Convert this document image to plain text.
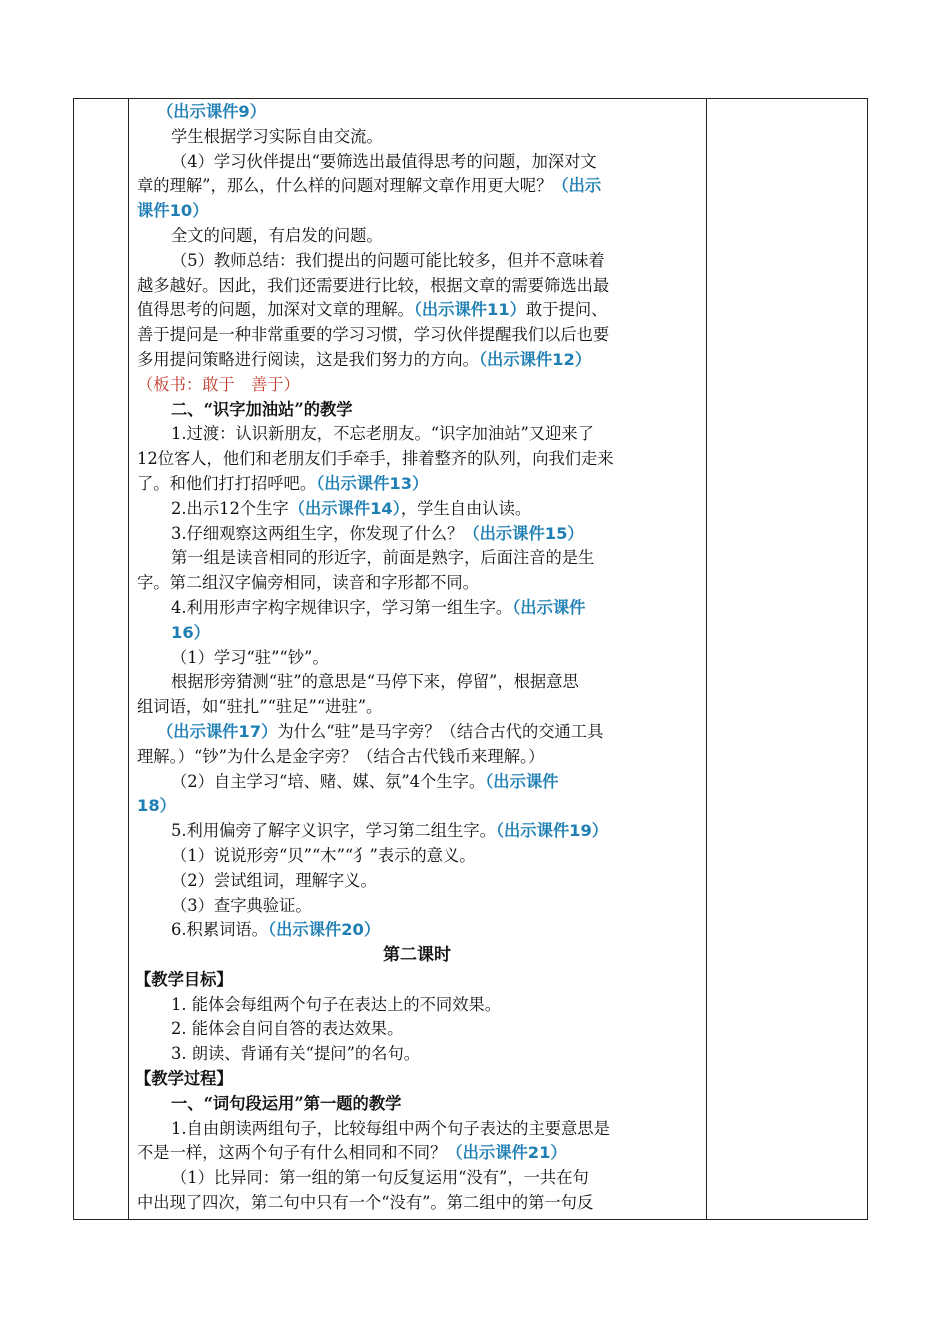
（出示课件9）
学生根据学习实际自由交流。
（4）学习伙伴提出“要筛选出最值得思考的问题，加深对文
章的理解”，那么，什么样的问题对理解文章作用更大呢？（出示
课件10）
全文的问题，有启发的问题。
（5）教师总结：我们提出的问题可能比较多，但并不意味着
越多越好。因此，我们还需要进行比较，根据文章的需要筛选出最
值得思考的问题，加深对文章的理解。（出示课件11）敢于提问、
善于提问是一种非常重要的学习习惯，学习伙伴提醒我们以后也要
多用提问策略进行阅读，这是我们努力的方向。（出示课件12）
（板书：敢于　善于）
二、“识字加油站”的教学
1.过渡：认识新朋友，不忘老朋友。“识字加油站”又迎来了
12位客人，他们和老朋友们手牵手，排着整齐的队列，向我们走来
了。和他们打打招呼吧。（出示课件13）
2.出示12个生字（出示课件14），学生自由认读。
3.仔细观察这两组生字，你发现了什么？（出示课件15）
第一组是读音相同的形近字，前面是熟字，后面注音的是生
字。第二组汉字偏旁相同，读音和字形都不同。
4.利用形声字构字规律识字，学习第一组生字。（出示课件
16）
（1）学习“驻”“钞”。
根据形旁猜测“驻”的意思是“马停下来，停留”，根据意思
组词语，如“驻扎”“驻足”“进驻”。
（出示课件17）为什么“驻”是马字旁？（结合古代的交通工具
理解。）“钞”为什么是金字旁？（结合古代钱币来理解。）
（2）自主学习“培、赌、媒、氛”4个生字。（出示课件
18）
5.利用偏旁了解字义识字，学习第二组生字。（出示课件19）
（1）说说形旁“贝”“木”“犭”表示的意义。
（2）尝试组词，理解字义。
（3）查字典验证。
6.积累词语。（出示课件20）
第二课时
【教学目标】
1. 能体会每组两个句子在表达上的不同效果。
2. 能体会自问自答的表达效果。
3. 朗读、背诵有关“提问”的名句。
【教学过程】
一、“词句段运用”第一题的教学
1.自由朗读两组句子，比较每组中两个句子表达的主要意思是
不是一样，这两个句子有什么相同和不同？（出示课件21）
（1）比异同：第一组的第一句反复运用“没有”，一共在句
中出现了四次，第二句中只有一个“没有”。第二组中的第一句反
